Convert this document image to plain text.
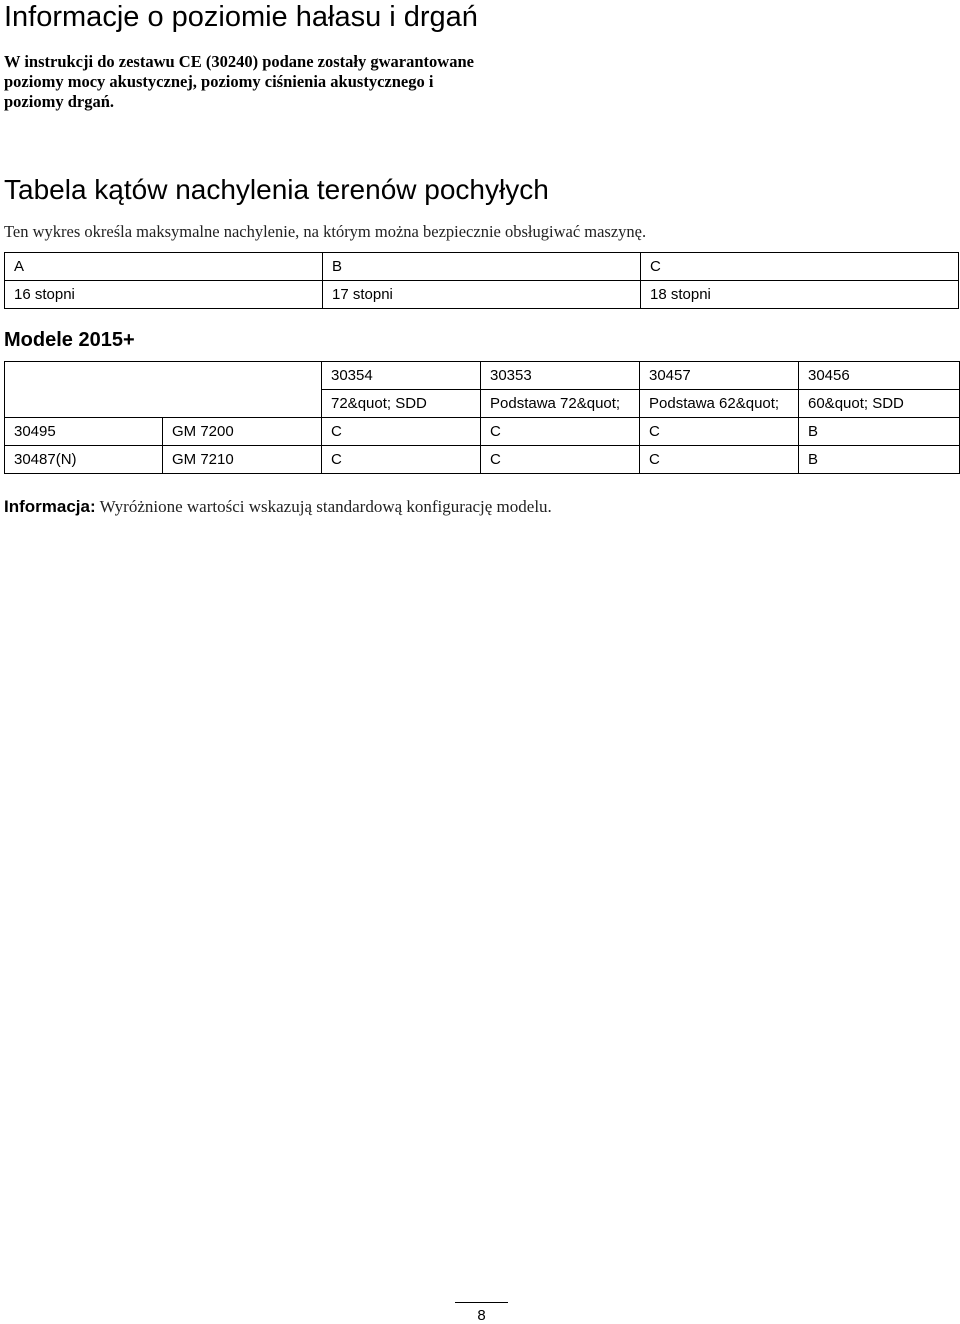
Informacje o poziomie hałasu i drgań

W instrukcji do zestawu CE (30240) podane zostały gwarantowane poziomy mocy akustycznej, poziomy ciśnienia akustycznego i poziomy drgań.

Tabela kątów nachylenia terenów pochyłych

Ten wykres określa maksymalne nachylenie, na którym można bezpiecznie obsługiwać maszynę.

A	B	C
16 stopni	17 stopni	18 stopni
Modele 2015+
		30354	30353	30457	30456
		72&quot; SDD	Podstawa 72&quot;	Podstawa 62&quot;	60&quot; SDD
30495	GM 7200	C	C	C	B
30487(N)	GM 7210	C	C	C	B

Informacja: Wyróżnione wartości wskazują standardową konfigurację modelu.

8
